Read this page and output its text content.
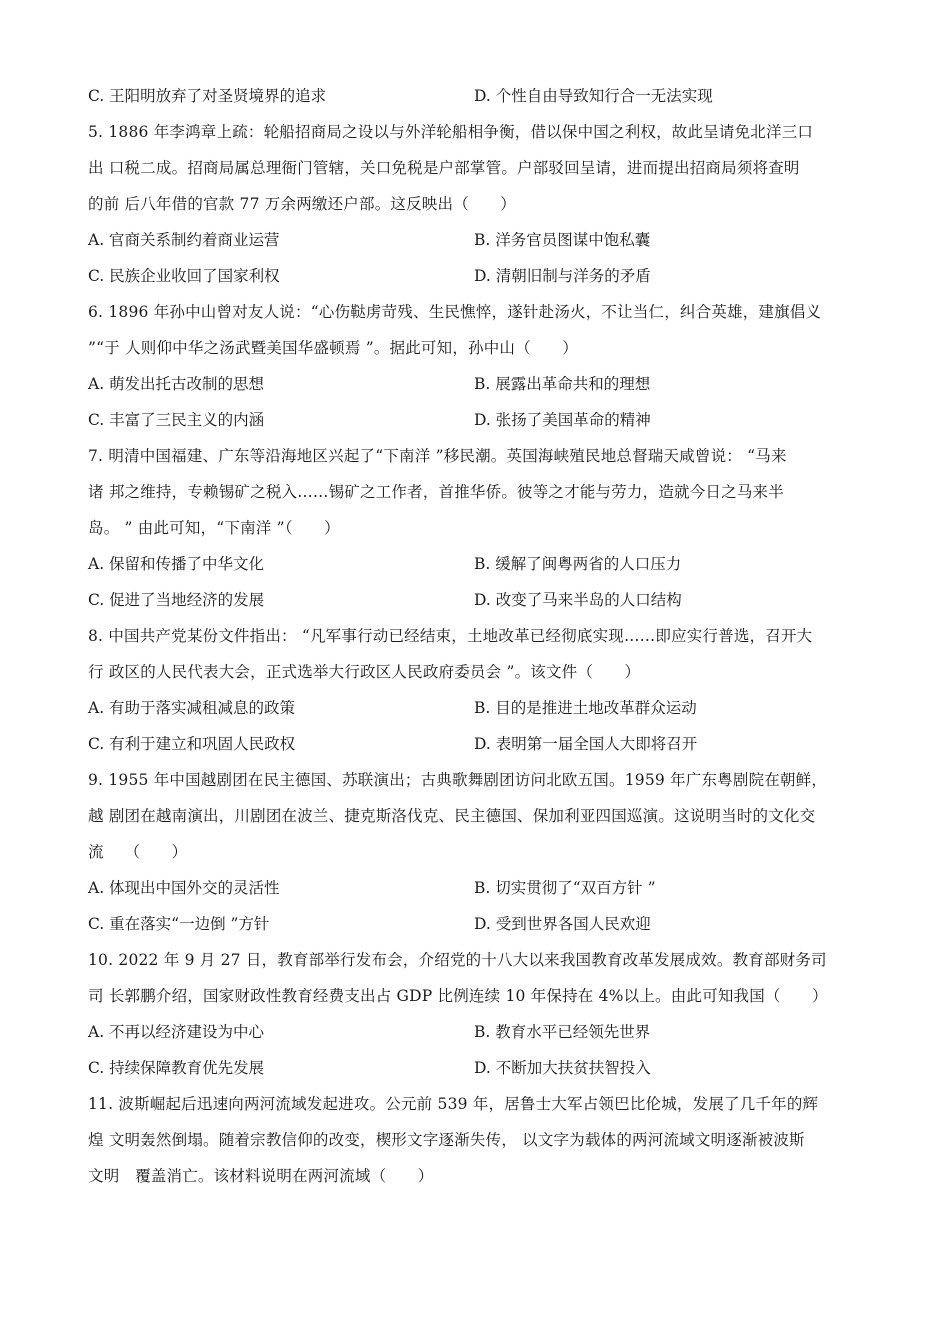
C. 王阳明放弃了对圣贤境界的追求	D. 个性自由导致知行合一无法实现
5. 1886 年李鸿章上疏：轮船招商局之设以与外洋轮船相争衡，借以保中国之利权，故此呈请免北洋三口
出 口税二成。招商局属总理衙门管辖，关口免税是户部掌管。户部驳回呈请，进而提出招商局须将查明
的前 后八年借的官款 77 万余两缴还户部。这反映出（　　）
A. 官商关系制约着商业运营	B. 洋务官员图谋中饱私囊
C. 民族企业收回了国家利权	D. 清朝旧制与洋务的矛盾
6. 1896 年孙中山曾对友人说：“心伤鞑虏苛残、生民憔悴，遂针赴汤火，不让当仁，纠合英雄，建旗倡义
”“于 人则仰中华之汤武暨美国华盛顿焉 ”。据此可知，孙中山（　　）
A. 萌发出托古改制的思想	B. 展露出革命共和的理想
C. 丰富了三民主义的内涵	D. 张扬了美国革命的精神
7. 明清中国福建、广东等沿海地区兴起了“下南洋 ”移民潮。英国海峡殖民地总督瑞天咸曾说： “马来
诸 邦之维持，专赖锡矿之税入……锡矿之工作者，首推华侨。彼等之才能与劳力，造就今日之马来半
岛。 ” 由此可知，“下南洋 ”（　　）
A. 保留和传播了中华文化	B. 缓解了闽粤两省的人口压力
C. 促进了当地经济的发展	D. 改变了马来半岛的人口结构
8. 中国共产党某份文件指出： “凡军事行动已经结束，土地改革已经彻底实现……即应实行普选，召开大
行 政区的人民代表大会，正式选举大行政区人民政府委员会 ”。该文件（　　）
A. 有助于落实减租减息的政策	B. 目的是推进土地改革群众运动
C. 有利于建立和巩固人民政权	D. 表明第一届全国人大即将召开
9. 1955 年中国越剧团在民主德国、苏联演出；古典歌舞剧团访问北欧五国。1959 年广东粤剧院在朝鲜，
越 剧团在越南演出，川剧团在波兰、捷克斯洛伐克、民主德国、保加利亚四国巡演。这说明当时的文化交
流　 （　　）
A. 体现出中国外交的灵活性	B. 切实贯彻了“双百方针 ”
C. 重在落实“一边倒 ”方针	D. 受到世界各国人民欢迎
10. 2022 年 9 月 27 日，教育部举行发布会，介绍党的十八大以来我国教育改革发展成效。教育部财务司
司 长郭鹏介绍，国家财政性教育经费支出占 GDP 比例连续 10 年保持在 4%以上。由此可知我国（　　）
A. 不再以经济建设为中心	B. 教育水平已经领先世界
C. 持续保障教育优先发展	D. 不断加大扶贫扶智投入
11. 波斯崛起后迅速向两河流域发起进攻。公元前 539 年，居鲁士大军占领巴比伦城，发展了几千年的辉
煌 文明轰然倒塌。随着宗教信仰的改变，楔形文字逐渐失传， 以文字为载体的两河流域文明逐渐被波斯
文明　覆盖消亡。该材料说明在两河流域（　　）
